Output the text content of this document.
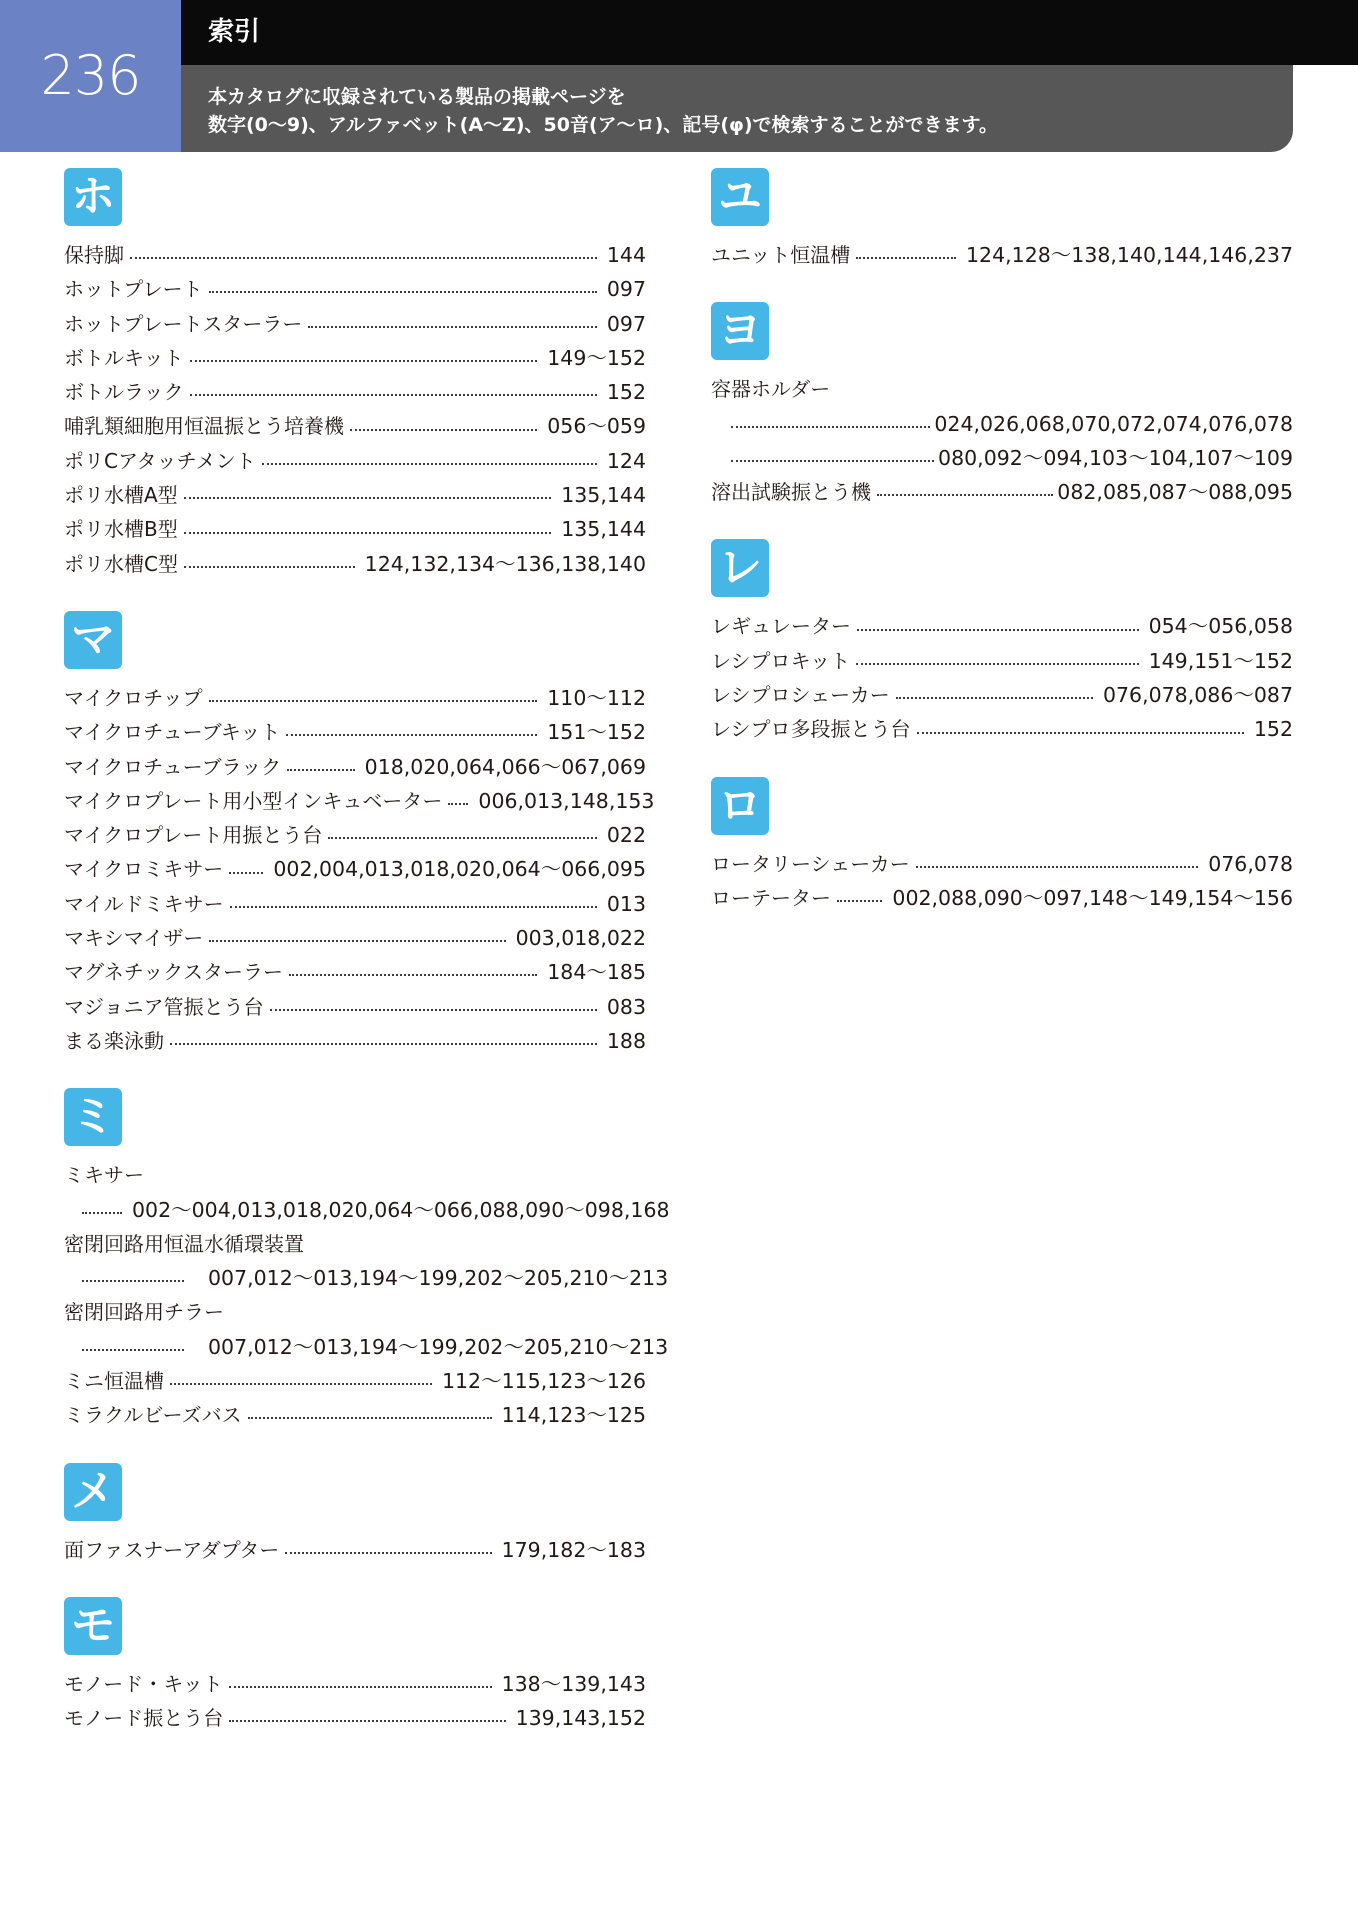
236
索引
本カタログに収録されている製品の掲載ページを
数字(0～9)、アルファベット(A～Z)、50音(ア～ロ)、記号(φ)で検索することができます。
ホ
保持脚	144
ホットプレート	097
ホットプレートスターラー	097
ボトルキット	149～152
ボトルラック	152
哺乳類細胞用恒温振とう培養機	056～059
ポリCアタッチメント	124
ポリ水槽A型	135,144
ポリ水槽B型	135,144
ポリ水槽C型	124,132,134～136,138,140
マ
マイクロチップ	110～112
マイクロチューブキット	151～152
マイクロチューブラック	018,020,064,066～067,069
マイクロプレート用小型インキュベーター 006,013,148,153
マイクロプレート用振とう台	022
マイクロミキサー 002,004,013,018,020,064～066,095
マイルドミキサー	013
マキシマイザー	003,018,022
マグネチックスターラー	184～185
マジョニア管振とう台	083
まる楽泳動	188
ミ
ミキサー
002～004,013,018,020,064～066,088,090～098,168
密閉回路用恒温水循環装置
007,012～013,194～199,202～205,210～213
密閉回路用チラー
007,012～013,194～199,202～205,210～213
ミニ恒温槽	112～115,123～126
ミラクルビーズバス	114,123～125
メ
面ファスナーアダプター	179,182～183
モ
モノード・キット	138～139,143
モノード振とう台	139,143,152
ユ
ユニット恒温槽	124,128～138,140,144,146,237
ヨ
容器ホルダー
024,026,068,070,072,074,076,078
080,092～094,103～104,107～109
溶出試験振とう機	082,085,087～088,095
レ
レギュレーター	054～056,058
レシプロキット	149,151～152
レシプロシェーカー	076,078,086～087
レシプロ多段振とう台	152
ロ
ロータリーシェーカー	076,078
ローテーター	002,088,090～097,148～149,154～156
